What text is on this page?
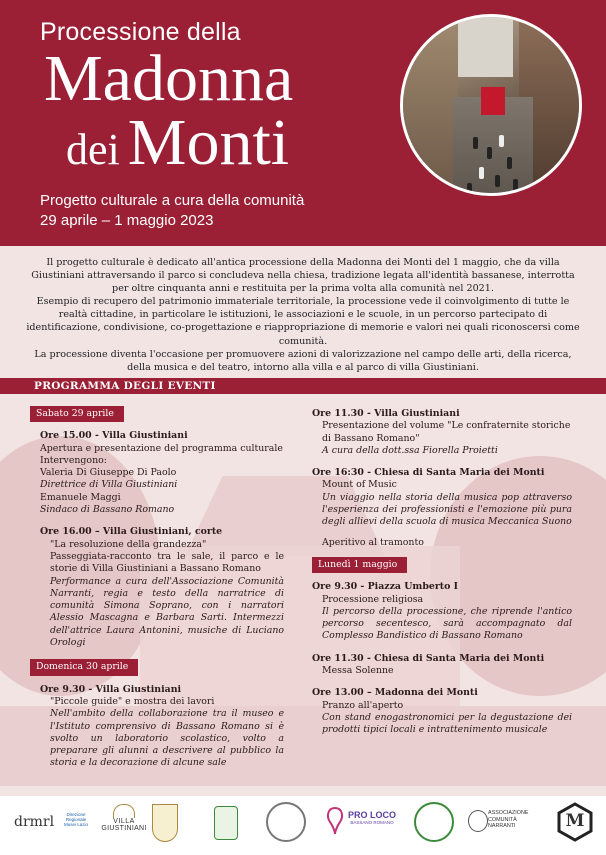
Processione della
Madonna
dei Monti
Progetto culturale a cura della comunità
29 aprile – 1 maggio 2023

Il progetto culturale è dedicato all'antica processione della Madonna dei Monti del 1 maggio, che da villa Giustiniani attraversando il parco si concludeva nella chiesa, tradizione legata all'identità bassanese, interrotta per oltre cinquanta anni e restituita per la prima volta alla comunità nel 2021.

Esempio di recupero del patrimonio immateriale territoriale, la processione vede il coinvolgimento di tutte le realtà cittadine, in particolare le istituzioni, le associazioni e le scuole, in un percorso partecipato di identificazione, condivisione, co-progettazione e riappropriazione di memorie e valori nei quali riconoscersi come comunità.

La processione diventa l'occasione per promuovere azioni di valorizzazione nel campo delle arti, della ricerca, della musica e del teatro, intorno alla villa e al parco di villa Giustiniani.

PROGRAMMA DEGLI EVENTI
Sabato 29 aprile
Ore 15.00 - Villa Giustiniani
Apertura e presentazione del programma culturale
Intervengono:
Valeria Di Giuseppe Di Paolo
Direttrice di Villa Giustiniani
Emanuele Maggi
Sindaco di Bassano Romano
Ore 16.00 – Villa Giustiniani, corte
"La resoluzione della grandezza"
Passeggiata-racconto tra le sale, il parco e le storie di Villa Giustiniani a Bassano Romano
Performance a cura dell'Associazione Comunità Narranti, regia e testo della narratrice di comunità Simona Sopranо, con i narratori Alessio Mascagna e Barbara Sarti. Intermezzi dell'attrice Laura Antonini, musiche di Luciano Orologi
Domenica 30 aprile
Ore 9.30 - Villa Giustiniani
"Piccole guide" e mostra dei lavori
Nell'ambito della collaborazione tra il museo e l'Istituto comprensivo di Bassano Romano si è svolto un laboratorio scolastico, volto a preparare gli alunni a descrivere al pubblico la storia e la decorazione di alcune sale
Ore 11.30 - Villa Giustiniani
Presentazione del volume "Le confraternite storiche di Bassano Romano"
A cura della dott.ssa Fiorella Proietti
Ore 16:30 - Chiesa di Santa Maria dei Monti
Mount of Music
Un viaggio nella storia della musica pop attraverso l'esperienza dei professionisti e l'emozione più pura degli allievi della scuola di musica Meccanica Suono
Aperitivo al tramonto
Lunedì 1 maggio
Ore 9.30 - Piazza Umberto I
Processione religiosa
Il percorso della processione, che riprende l'antico percorso secentesco, sarà accompagnato dal Complesso Bandistico di Bassano Romano
Ore 11.30 - Chiesa di Santa Maria dei Monti
Messa Solenne
Ore 13.00 – Madonna dei Monti
Pranzo all'aperto
Con stand enogastronomici per la degustazione dei prodotti tipici locali e intrattenimento musicale
drmrl	Direzione Regionale Musei Lazio	VILLA
GIUSTINIANI
PRO LOCO
BASSANO ROMANO
ASSOCIAZIONE
COMUNITÀ
NARRANTI	M
